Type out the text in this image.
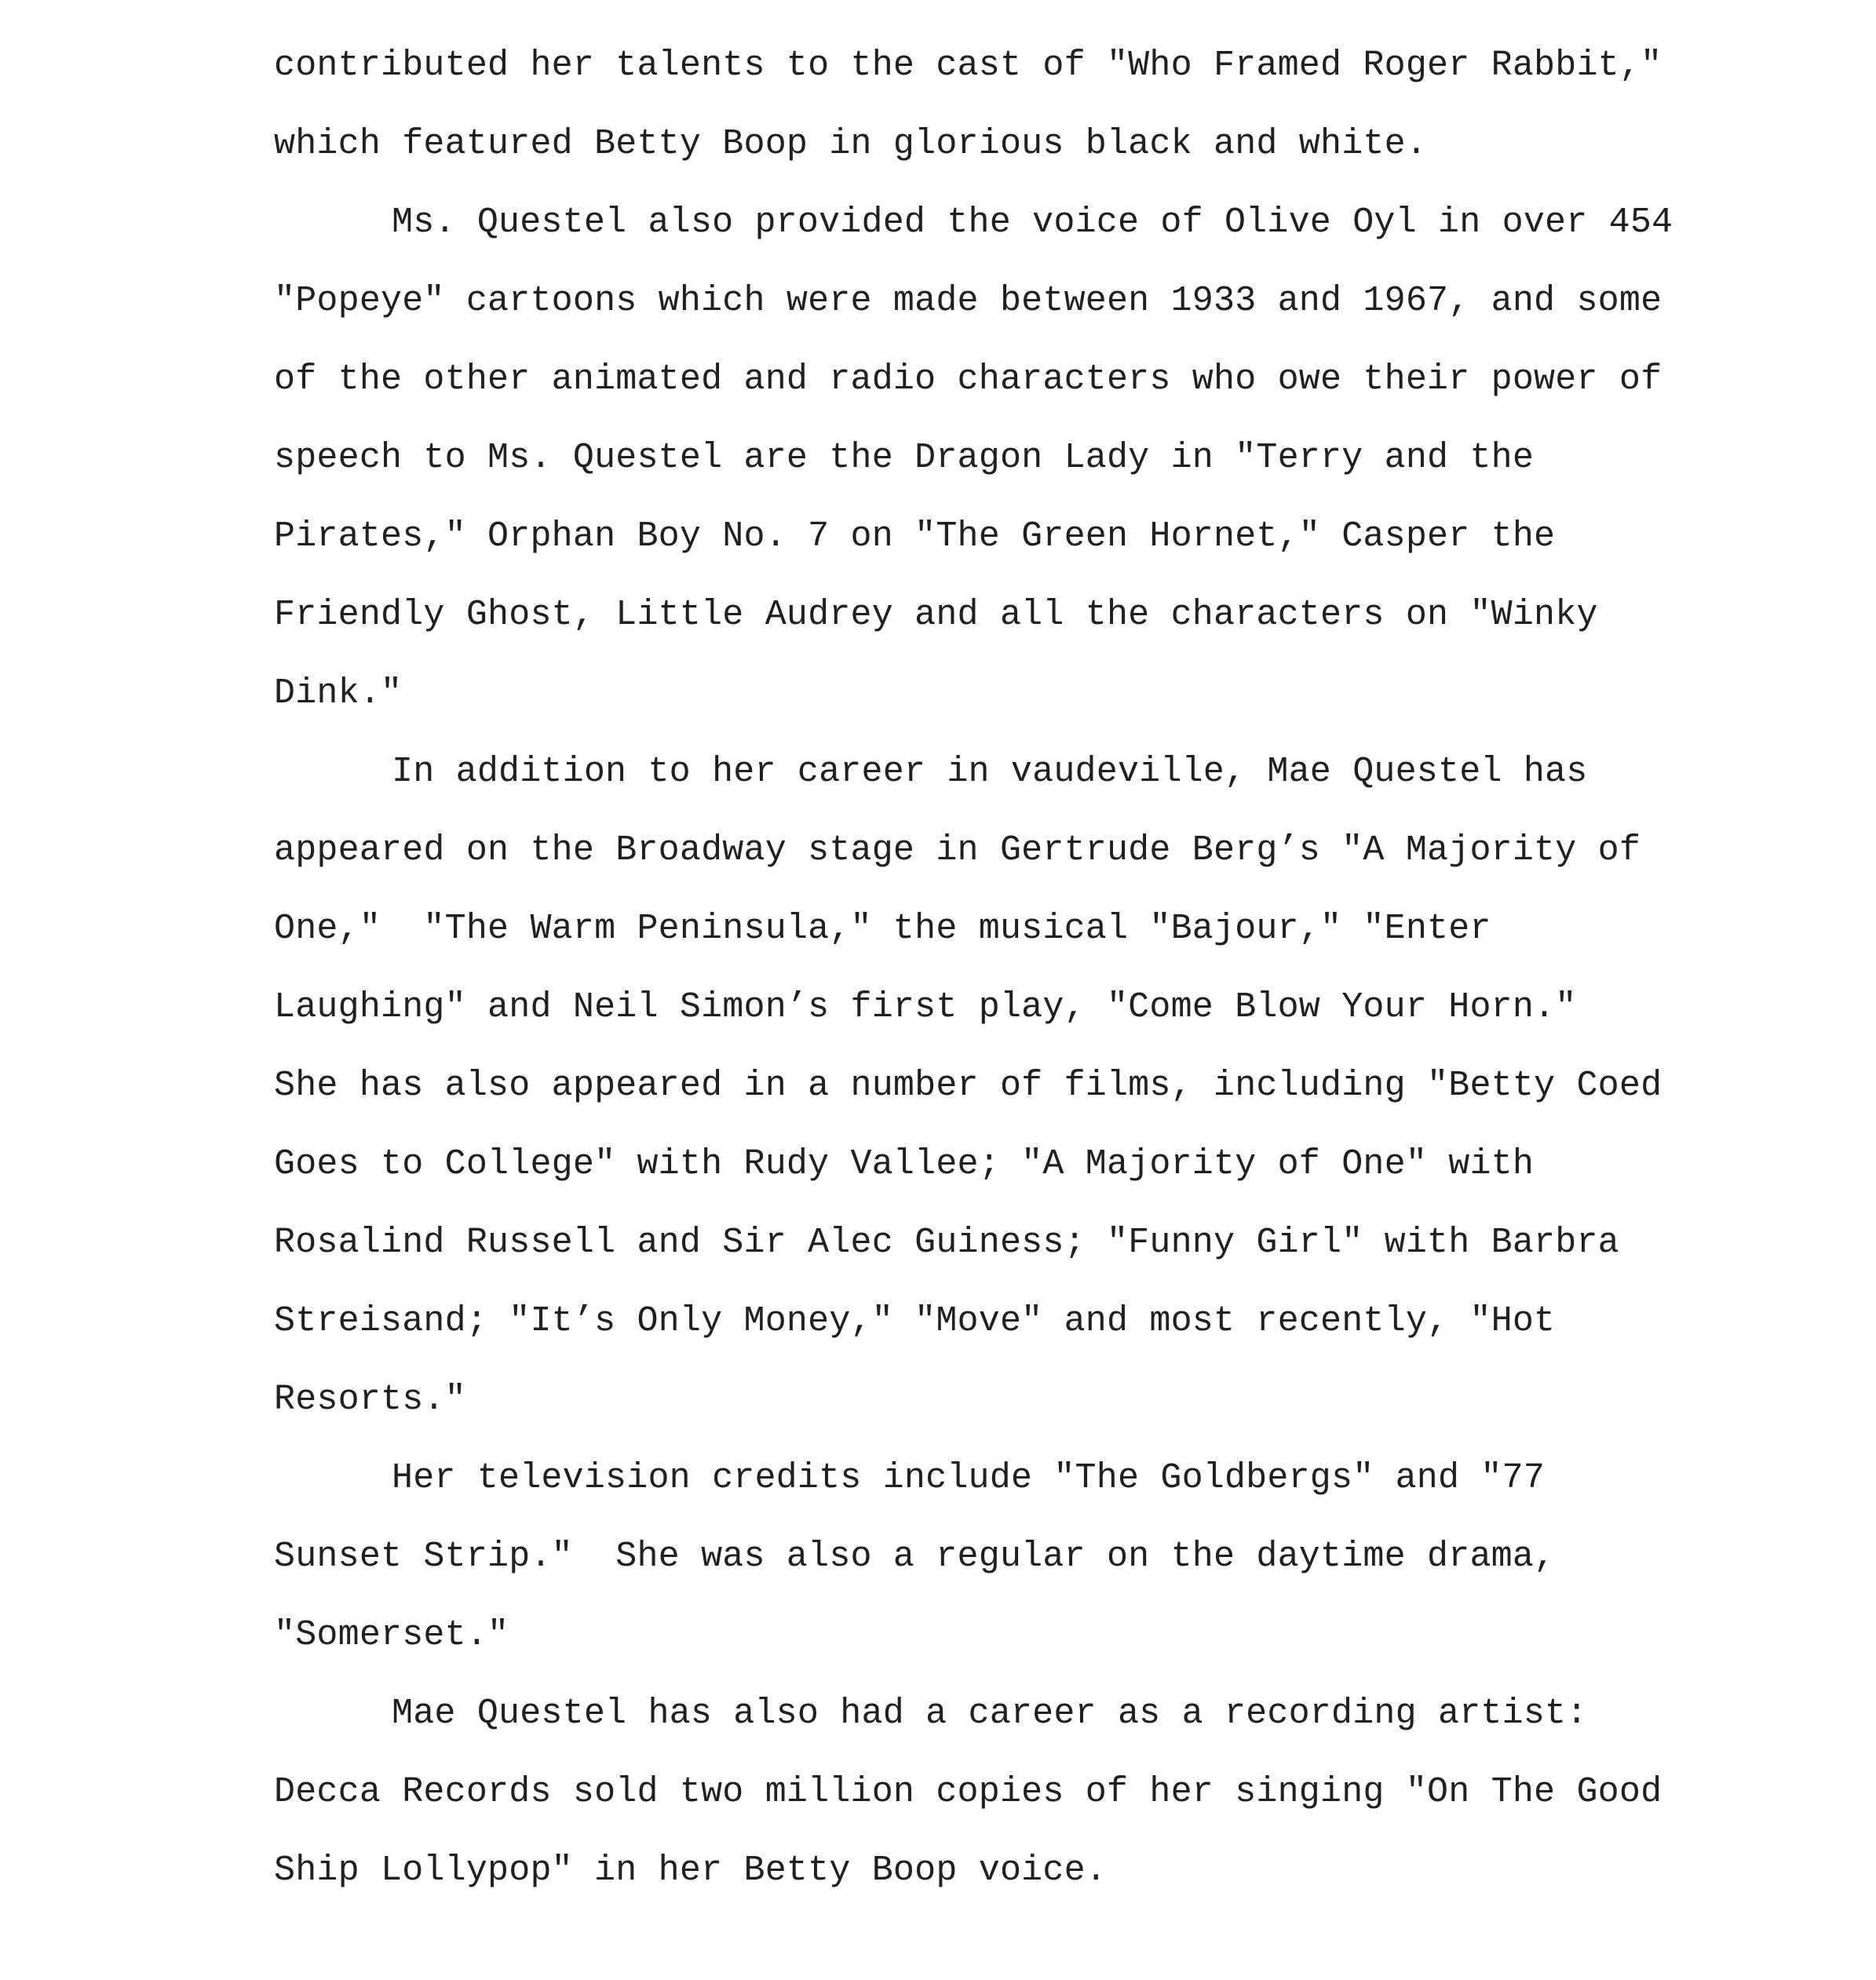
contributed her talents to the cast of "Who Framed Roger Rabbit,"
which featured Betty Boop in glorious black and white.
Ms. Questel also provided the voice of Olive Oyl in over 454
"Popeye" cartoons which were made between 1933 and 1967, and some
of the other animated and radio characters who owe their power of
speech to Ms. Questel are the Dragon Lady in "Terry and the
Pirates," Orphan Boy No. 7 on "The Green Hornet," Casper the
Friendly Ghost, Little Audrey and all the characters on "Winky
Dink."
In addition to her career in vaudeville, Mae Questel has
appeared on the Broadway stage in Gertrude Berg’s "A Majority of
One,"  "The Warm Peninsula," the musical "Bajour," "Enter
Laughing" and Neil Simon’s first play, "Come Blow Your Horn."
She has also appeared in a number of films, including "Betty Coed
Goes to College" with Rudy Vallee; "A Majority of One" with
Rosalind Russell and Sir Alec Guiness; "Funny Girl" with Barbra
Streisand; "It’s Only Money," "Move" and most recently, "Hot
Resorts."
Her television credits include "The Goldbergs" and "77
Sunset Strip."  She was also a regular on the daytime drama,
"Somerset."
Mae Questel has also had a career as a recording artist:
Decca Records sold two million copies of her singing "On The Good
Ship Lollypop" in her Betty Boop voice.
